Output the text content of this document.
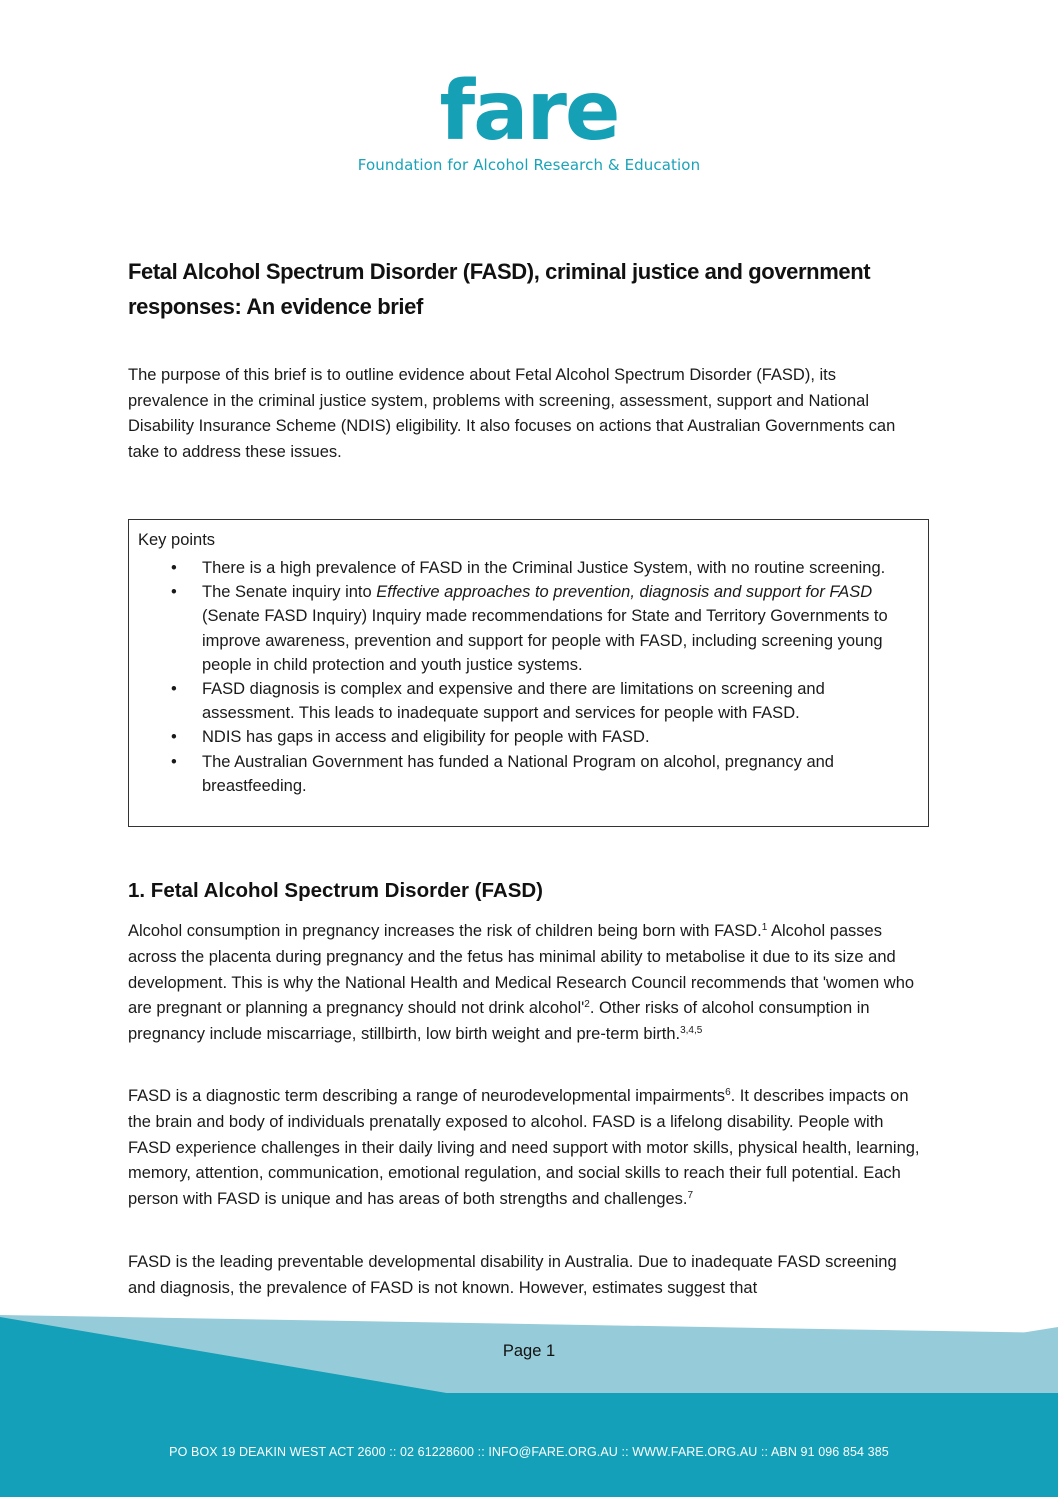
fare
Foundation for Alcohol Research & Education
Fetal Alcohol Spectrum Disorder (FASD), criminal justice and government responses: An evidence brief

The purpose of this brief is to outline evidence about Fetal Alcohol Spectrum Disorder (FASD), its prevalence in the criminal justice system, problems with screening, assessment, support and National Disability Insurance Scheme (NDIS) eligibility. It also focuses on actions that Australian Governments can take to address these issues.

Key points
• There is a high prevalence of FASD in the Criminal Justice System, with no routine screening.
• The Senate inquiry into Effective approaches to prevention, diagnosis and support for FASD (Senate FASD Inquiry) Inquiry made recommendations for State and Territory Governments to improve awareness, prevention and support for people with FASD, including screening young people in child protection and youth justice systems.
• FASD diagnosis is complex and expensive and there are limitations on screening and assessment. This leads to inadequate support and services for people with FASD.
• NDIS has gaps in access and eligibility for people with FASD.
• The Australian Government has funded a National Program on alcohol, pregnancy and breastfeeding.
1. Fetal Alcohol Spectrum Disorder (FASD)

Alcohol consumption in pregnancy increases the risk of children being born with FASD.$^1$ Alcohol passes across the placenta during pregnancy and the fetus has minimal ability to metabolise it due to its size and development. This is why the National Health and Medical Research Council recommends that 'women who are pregnant or planning a pregnancy should not drink $alcohol'^2$. Other risks of alcohol consumption in pregnancy include miscarriage, stillbirth, low birth weight and pre-term birth.$^{3,4,5}$

FASD is a diagnostic term describing a range of neurodevelopmental impairments$^6$. It describes impacts on the brain and body of individuals prenatally exposed to alcohol. FASD is a lifelong disability. People with FASD experience challenges in their daily living and need support with motor skills, physical health, learning, memory, attention, communication, emotional regulation, and social skills to reach their full potential. Each person with FASD is unique and has areas of both strengths and challenges.$^7$

FASD is the leading preventable developmental disability in Australia. Due to inadequate FASD screening and diagnosis, the prevalence of FASD is not known. However, estimates suggest that

Page 1
PO BOX 19 DEAKIN WEST ACT 2600 :: 02 61228600 :: INFO@FARE.ORG.AU :: WWW.FARE.ORG.AU :: ABN 91 096 854 385
